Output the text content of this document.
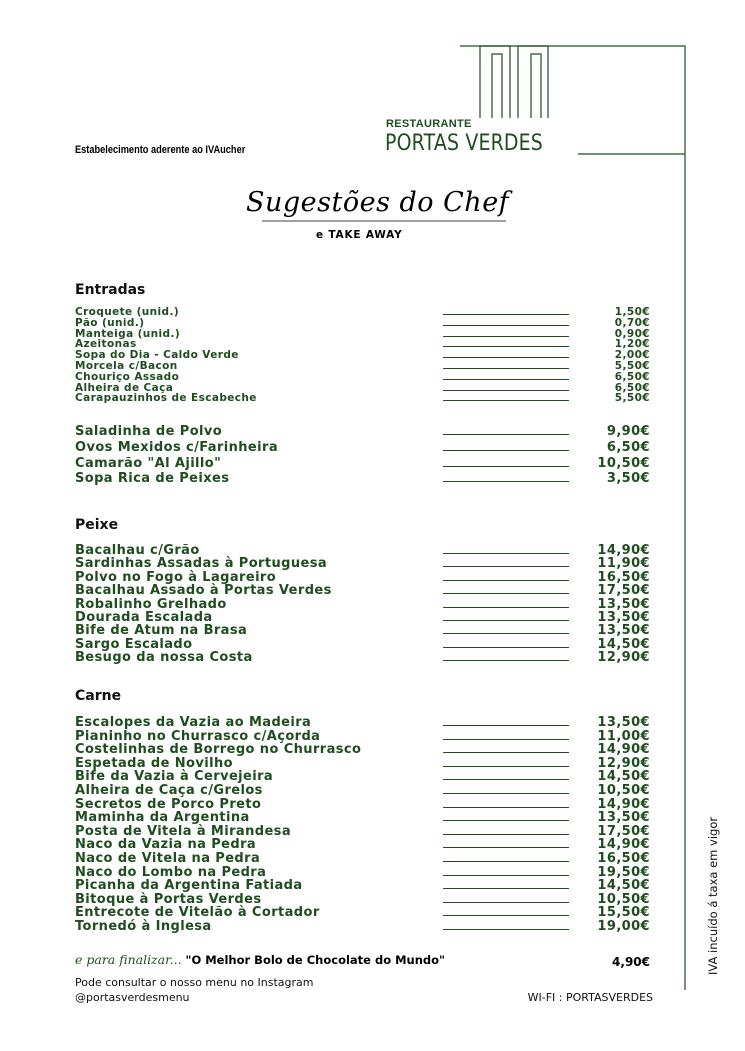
RESTAURANTE
PORTAS VERDES
Estabelecimento aderente ao IVAucher
Sugestões do Chef
e TAKE AWAY
Entradas
Croquete (unid.)	1,50€
Pão (unid.)	0,70€
Manteiga (unid.)	0,90€
Azeitonas	1,20€
Sopa do Dia - Caldo Verde	2,00€
Morcela c/Bacon	5,50€
Chouriço Assado	6,50€
Alheira de Caça	6,50€
Carapauzinhos de Escabeche	5,50€
Saladinha de Polvo	9,90€
Ovos Mexidos c/Farinheira	6,50€
Camarão "Al Ajillo"	10,50€
Sopa Rica de Peixes	3,50€
Peixe
Bacalhau c/Grão	14,90€
Sardinhas Assadas à Portuguesa	11,90€
Polvo no Fogo à Lagareiro	16,50€
Bacalhau Assado à Portas Verdes	17,50€
Robalinho Grelhado	13,50€
Dourada Escalada	13,50€
Bife de Atum na Brasa	13,50€
Sargo Escalado	14,50€
Besugo da nossa Costa	12,90€
Carne
Escalopes da Vazia ao Madeira	13,50€
Pianinho no Churrasco c/Açorda	11,00€
Costelinhas de Borrego no Churrasco	14,90€
Espetada de Novilho	12,90€
Bife da Vazia à Cervejeira	14,50€
Alheira de Caça c/Grelos	10,50€
Secretos de Porco Preto	14,90€
Maminha da Argentina	13,50€
Posta de Vitela à Mirandesa	17,50€
Naco da Vazia na Pedra	14,90€
Naco de Vitela na Pedra	16,50€
Naco do Lombo na Pedra	19,50€
Picanha da Argentina Fatiada	14,50€
Bitoque à Portas Verdes	10,50€
Entrecote de Vitelão à Cortador	15,50€
Tornedó à Inglesa	19,00€
e para finalizar... "O Melhor Bolo de Chocolate do Mundo"	4,90€
Pode consultar o nosso menu no Instagram
@portasverdesmenu	WI-FI : PORTASVERDES
IVA incuído á taxa em vigor
